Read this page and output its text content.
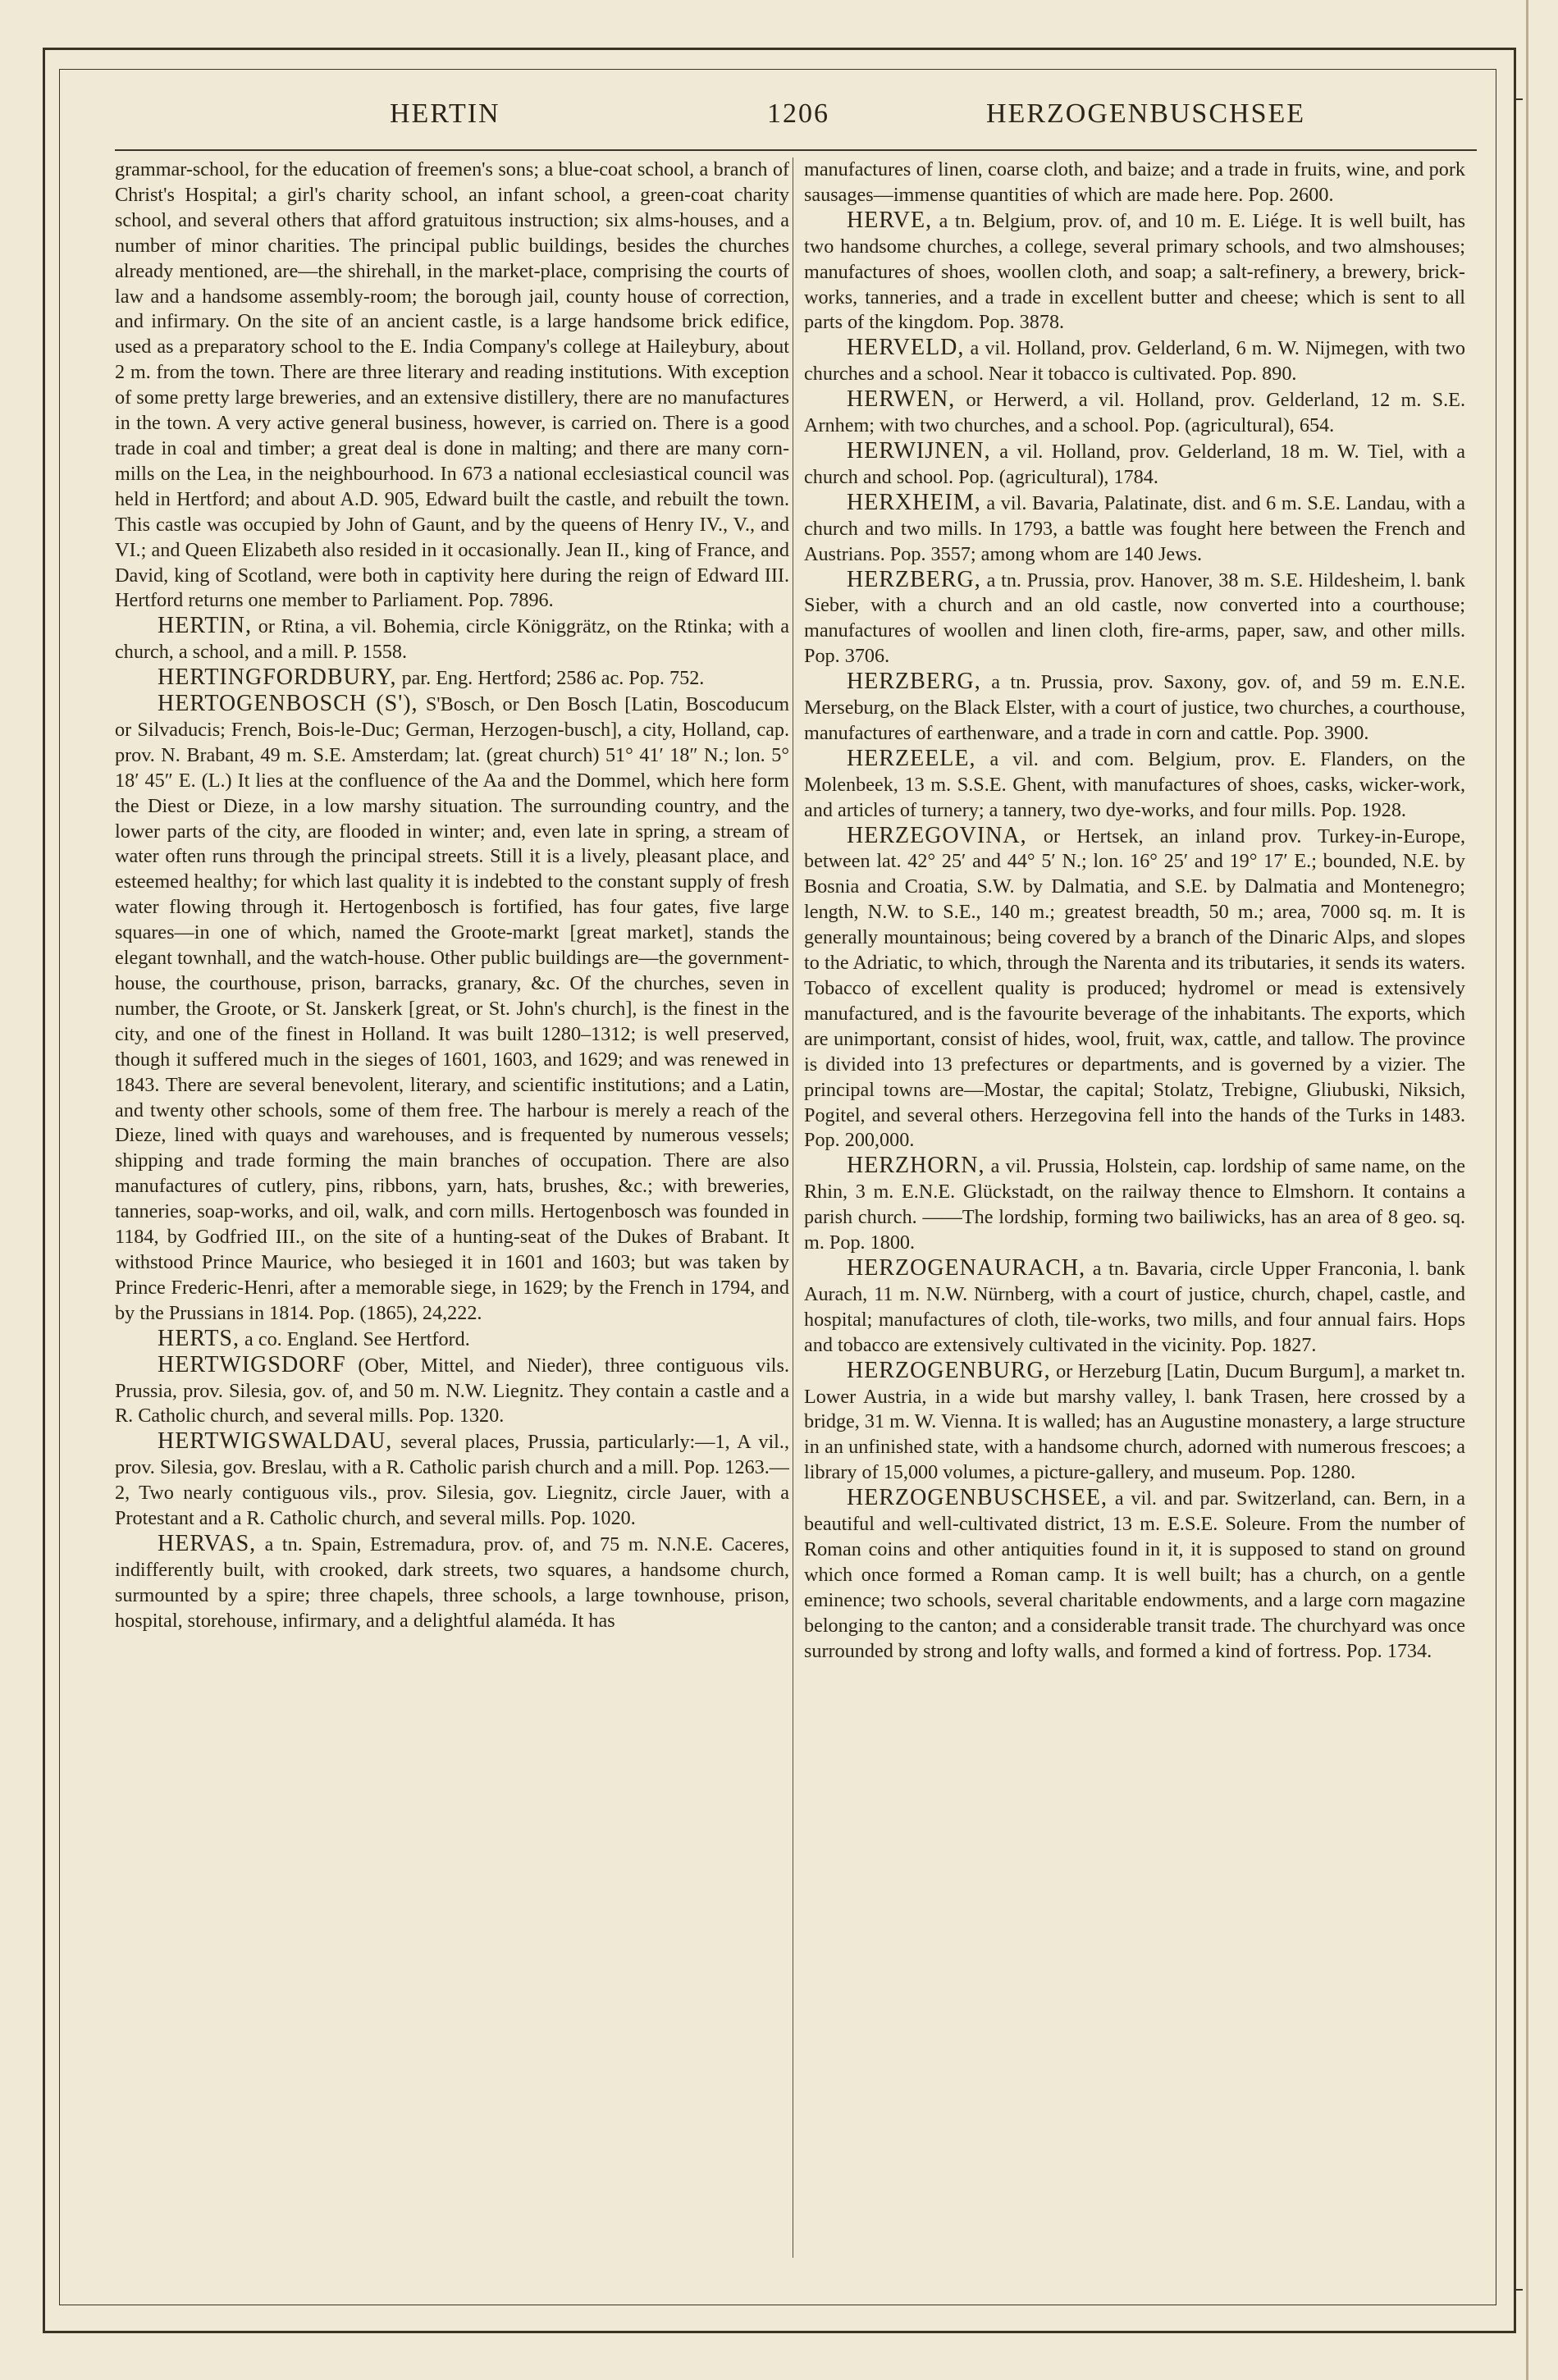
HERTIN	1206	HERZOGENBUSCHSEE

grammar-school, for the education of freemen's sons; a blue-coat school, a branch of Christ's Hospital; a girl's charity school, an infant school, a green-coat charity school, and several others that afford gratuitous instruction; six alms-houses, and a number of minor charities. The principal public buildings, besides the churches already mentioned, are—the shirehall, in the market-place, comprising the courts of law and a handsome assembly-room; the borough jail, county house of correction, and infirmary. On the site of an ancient castle, is a large handsome brick edifice, used as a preparatory school to the E. India Company's college at Haileybury, about 2 m. from the town. There are three literary and reading institutions. With exception of some pretty large breweries, and an extensive distillery, there are no manufactures in the town. A very active general business, however, is carried on. There is a good trade in coal and timber; a great deal is done in malting; and there are many corn-mills on the Lea, in the neighbourhood. In 673 a national ecclesiastical council was held in Hertford; and about A.D. 905, Edward built the castle, and rebuilt the town. This castle was occupied by John of Gaunt, and by the queens of Henry IV., V., and VI.; and Queen Elizabeth also resided in it occasionally. Jean II., king of France, and David, king of Scotland, were both in captivity here during the reign of Edward III. Hertford returns one member to Parliament. Pop. 7896.

HERTIN, or Rtina, a vil. Bohemia, circle Königgrätz, on the Rtinka; with a church, a school, and a mill. P. 1558.

HERTINGFORDBURY, par. Eng. Hertford; 2586 ac. Pop. 752.

HERTOGENBOSCH (S'), S'Bosch, or Den Bosch [Latin, Boscoducum or Silvaducis; French, Bois-le-Duc; German, Herzogen-busch], a city, Holland, cap. prov. N. Brabant, 49 m. S.E. Amsterdam; lat. (great church) 51° 41′ 18″ N.; lon. 5° 18′ 45″ E. (L.) It lies at the confluence of the Aa and the Dommel, which here form the Diest or Dieze, in a low marshy situation. The surrounding country, and the lower parts of the city, are flooded in winter; and, even late in spring, a stream of water often runs through the principal streets. Still it is a lively, pleasant place, and esteemed healthy; for which last quality it is indebted to the constant supply of fresh water flowing through it. Hertogenbosch is fortified, has four gates, five large squares—in one of which, named the Groote-markt [great market], stands the elegant townhall, and the watch-house. Other public buildings are—the government-house, the courthouse, prison, barracks, granary, &c. Of the churches, seven in number, the Groote, or St. Janskerk [great, or St. John's church], is the finest in the city, and one of the finest in Holland. It was built 1280–1312; is well preserved, though it suffered much in the sieges of 1601, 1603, and 1629; and was renewed in 1843. There are several benevolent, literary, and scientific institutions; and a Latin, and twenty other schools, some of them free. The harbour is merely a reach of the Dieze, lined with quays and warehouses, and is frequented by numerous vessels; shipping and trade forming the main branches of occupation. There are also manufactures of cutlery, pins, ribbons, yarn, hats, brushes, &c.; with breweries, tanneries, soap-works, and oil, walk, and corn mills. Hertogenbosch was founded in 1184, by Godfried III., on the site of a hunting-seat of the Dukes of Brabant. It withstood Prince Maurice, who besieged it in 1601 and 1603; but was taken by Prince Frederic-Henri, after a memorable siege, in 1629; by the French in 1794, and by the Prussians in 1814. Pop. (1865), 24,222.

HERTS, a co. England. See Hertford.

HERTWIGSDORF (Ober, Mittel, and Nieder), three contiguous vils. Prussia, prov. Silesia, gov. of, and 50 m. N.W. Liegnitz. They contain a castle and a R. Catholic church, and several mills. Pop. 1320.

HERTWIGSWALDAU, several places, Prussia, particularly:—1, A vil., prov. Silesia, gov. Breslau, with a R. Catholic parish church and a mill. Pop. 1263.—2, Two nearly contiguous vils., prov. Silesia, gov. Liegnitz, circle Jauer, with a Protestant and a R. Catholic church, and several mills. Pop. 1020.

HERVAS, a tn. Spain, Estremadura, prov. of, and 75 m. N.N.E. Caceres, indifferently built, with crooked, dark streets, two squares, a handsome church, surmounted by a spire; three chapels, three schools, a large townhouse, prison, hospital, storehouse, infirmary, and a delightful alaméda. It has

manufactures of linen, coarse cloth, and baize; and a trade in fruits, wine, and pork sausages—immense quantities of which are made here. Pop. 2600.

HERVE, a tn. Belgium, prov. of, and 10 m. E. Liége. It is well built, has two handsome churches, a college, several primary schools, and two almshouses; manufactures of shoes, woollen cloth, and soap; a salt-refinery, a brewery, brick-works, tanneries, and a trade in excellent butter and cheese; which is sent to all parts of the kingdom. Pop. 3878.

HERVELD, a vil. Holland, prov. Gelderland, 6 m. W. Nijmegen, with two churches and a school. Near it tobacco is cultivated. Pop. 890.

HERWEN, or Herwerd, a vil. Holland, prov. Gelderland, 12 m. S.E. Arnhem; with two churches, and a school. Pop. (agricultural), 654.

HERWIJNEN, a vil. Holland, prov. Gelderland, 18 m. W. Tiel, with a church and school. Pop. (agricultural), 1784.

HERXHEIM, a vil. Bavaria, Palatinate, dist. and 6 m. S.E. Landau, with a church and two mills. In 1793, a battle was fought here between the French and Austrians. Pop. 3557; among whom are 140 Jews.

HERZBERG, a tn. Prussia, prov. Hanover, 38 m. S.E. Hildesheim, l. bank Sieber, with a church and an old castle, now converted into a courthouse; manufactures of woollen and linen cloth, fire-arms, paper, saw, and other mills. Pop. 3706.

HERZBERG, a tn. Prussia, prov. Saxony, gov. of, and 59 m. E.N.E. Merseburg, on the Black Elster, with a court of justice, two churches, a courthouse, manufactures of earthenware, and a trade in corn and cattle. Pop. 3900.

HERZEELE, a vil. and com. Belgium, prov. E. Flanders, on the Molenbeek, 13 m. S.S.E. Ghent, with manufactures of shoes, casks, wicker-work, and articles of turnery; a tannery, two dye-works, and four mills. Pop. 1928.

HERZEGOVINA, or Hertsek, an inland prov. Turkey-in-Europe, between lat. 42° 25′ and 44° 5′ N.; lon. 16° 25′ and 19° 17′ E.; bounded, N.E. by Bosnia and Croatia, S.W. by Dalmatia, and S.E. by Dalmatia and Montenegro; length, N.W. to S.E., 140 m.; greatest breadth, 50 m.; area, 7000 sq. m. It is generally mountainous; being covered by a branch of the Dinaric Alps, and slopes to the Adriatic, to which, through the Narenta and its tributaries, it sends its waters. Tobacco of excellent quality is produced; hydromel or mead is extensively manufactured, and is the favourite beverage of the inhabitants. The exports, which are unimportant, consist of hides, wool, fruit, wax, cattle, and tallow. The province is divided into 13 prefectures or departments, and is governed by a vizier. The principal towns are—Mostar, the capital; Stolatz, Trebigne, Gliubuski, Niksich, Pogitel, and several others. Herzegovina fell into the hands of the Turks in 1483. Pop. 200,000.

HERZHORN, a vil. Prussia, Holstein, cap. lordship of same name, on the Rhin, 3 m. E.N.E. Glückstadt, on the railway thence to Elmshorn. It contains a parish church. ——The lordship, forming two bailiwicks, has an area of 8 geo. sq. m. Pop. 1800.

HERZOGENAURACH, a tn. Bavaria, circle Upper Franconia, l. bank Aurach, 11 m. N.W. Nürnberg, with a court of justice, church, chapel, castle, and hospital; manufactures of cloth, tile-works, two mills, and four annual fairs. Hops and tobacco are extensively cultivated in the vicinity. Pop. 1827.

HERZOGENBURG, or Herzeburg [Latin, Ducum Burgum], a market tn. Lower Austria, in a wide but marshy valley, l. bank Trasen, here crossed by a bridge, 31 m. W. Vienna. It is walled; has an Augustine monastery, a large structure in an unfinished state, with a handsome church, adorned with numerous frescoes; a library of 15,000 volumes, a picture-gallery, and museum. Pop. 1280.

HERZOGENBUSCHSEE, a vil. and par. Switzerland, can. Bern, in a beautiful and well-cultivated district, 13 m. E.S.E. Soleure. From the number of Roman coins and other antiquities found in it, it is supposed to stand on ground which once formed a Roman camp. It is well built; has a church, on a gentle eminence; two schools, several charitable endowments, and a large corn magazine belonging to the canton; and a considerable transit trade. The churchyard was once surrounded by strong and lofty walls, and formed a kind of fortress. Pop. 1734.
